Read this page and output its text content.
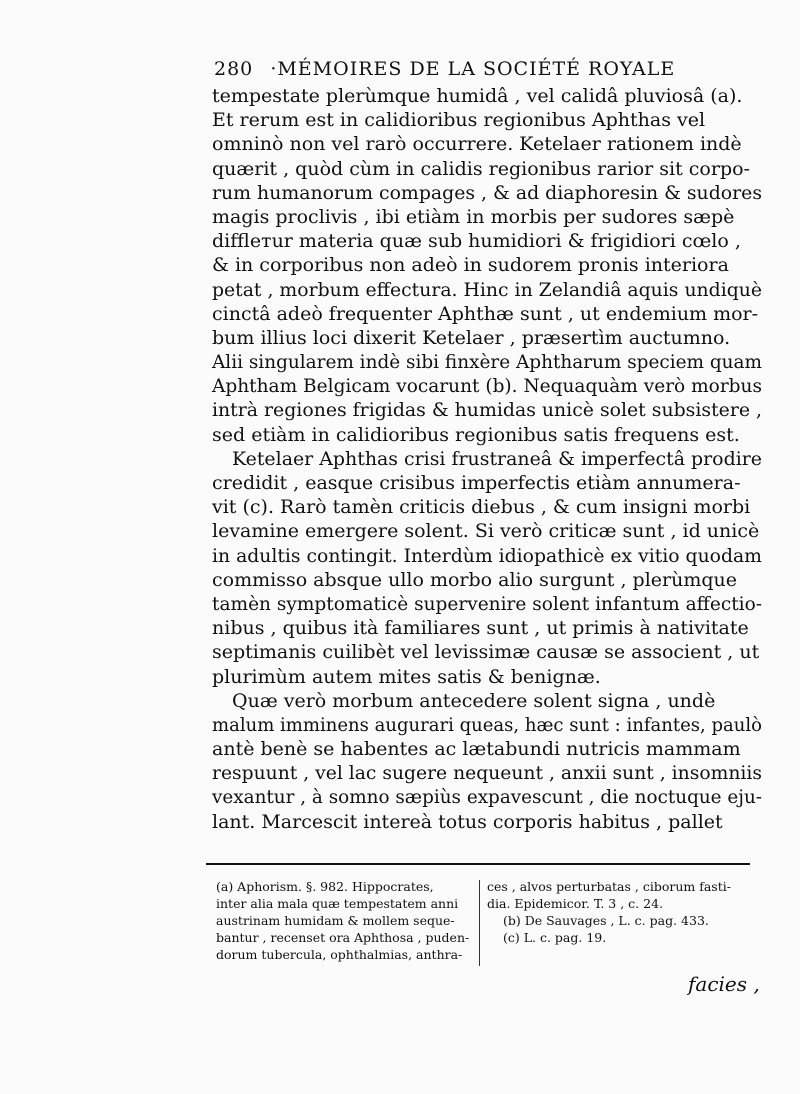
280 ·MÉMOIRES DE LA SOCIÉTÉ ROYALE
tempestate plerùmque humidâ , vel calidâ pluviosâ (a).
Et rerum est in calidioribus regionibus Aphthas vel
omninò non vel rarò occurrere. Ketelaer rationem indè
quærit , quòd cùm in calidis regionibus rarior sit corpo-
rum humanorum compages , & ad diaphoresin & sudores
magis proclivis , ibi etiàm in morbis per sudores sæpè
difflетur materia quæ sub humidiori & frigidiori cœlo ,
& in corporibus non adeò in sudorem pronis interiora
petat , morbum effectura. Hinc in Zelandiâ aquis undiquè
cinctâ adeò frequenter Aphthæ sunt , ut endemium mor-
bum illius loci dixerit Ketelaer , præsertìm auctumno.
Alii singularem indè sibi finxère Aphtharum speciem quam
Aphtham Belgicam vocarunt (b). Nequaquàm verò morbus
intrà regiones frigidas & humidas unicè solet subsistere ,
sed etiàm in calidioribus regionibus satis frequens est.
Ketelaer Aphthas crisi frustraneâ & imperfectâ prodire
credidit , easque crisibus imperfectis etiàm annumera-
vit (c). Rarò tamèn criticis diebus , & cum insigni morbi
levamine emergere solent. Si verò criticæ sunt , id unicè
in adultis contingit. Interdùm idiopathicè ex vitio quodam
commisso absque ullo morbo alio surgunt , plerùmque
tamèn symptomaticè supervenire solent infantum affectio-
nibus , quibus ità familiares sunt , ut primis à nativitate
septimanis cuilibèt vel levissimæ causæ se associent , ut
plurimùm autem mites satis & benignæ.
Quæ verò morbum antecedere solent signa , undè
malum imminens augurari queas, hæc sunt : infantes, paulò
antè benè se habentes ac lætabundi nutricis mammam
respuunt , vel lac sugere nequeunt , anxii sunt , insomniis
vexantur , à somno sæpiùs expavescunt , die noctuque eju-
lant. Marcescit intereà totus corporis habitus , pallet
(a) Aphorism. §. 982. Hippocrates,
inter alia mala quæ tempestatem anni
austrinam humidam & mollem seque-
bantur , recenset ora Aphthosa , puden-
dorum tubercula, ophthalmias, anthra-
ces , alvos perturbatas , ciborum fasti-
dia. Epidemicor. T. 3 , c. 24.
(b) De Sauvages , L. c. pag. 433.
(c) L. c. pag. 19.
facies ,
